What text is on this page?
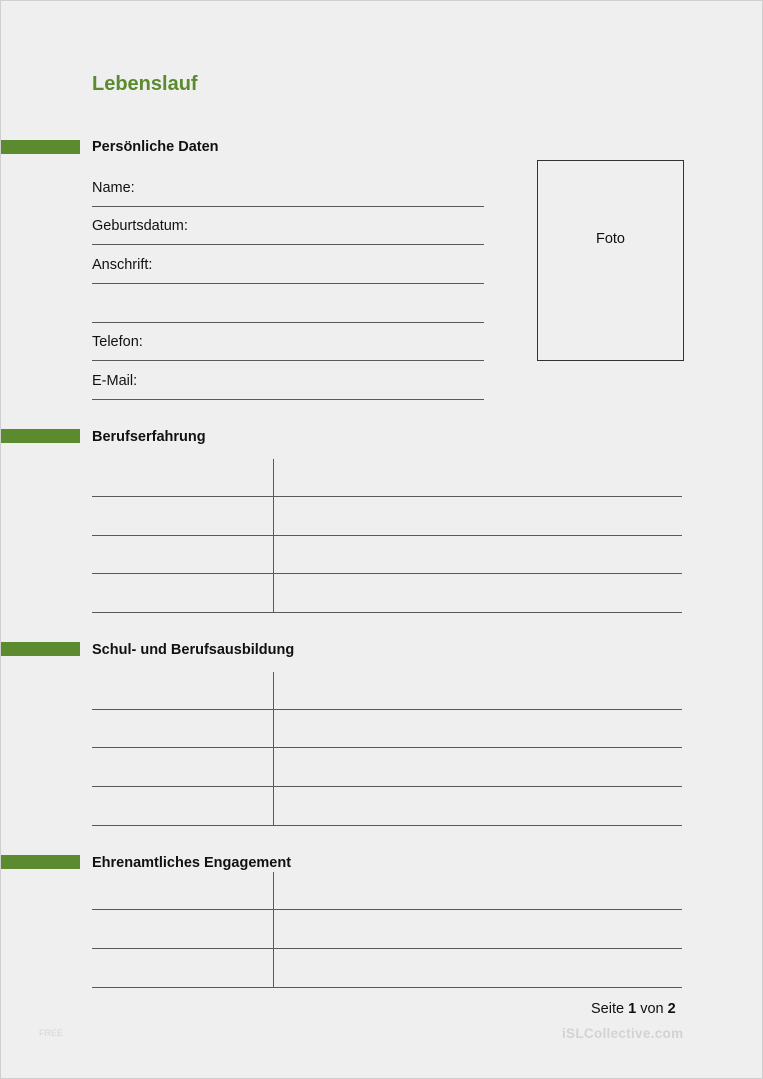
Lebenslauf
Persönliche Daten
Name:
Geburtsdatum:
Anschrift:
Telefon:
E-Mail:
Foto
Berufserfahrung
Schul- und Berufsausbildung
Ehrenamtliches Engagement
Seite 1 von 2
FREE	iSLCollective.com
